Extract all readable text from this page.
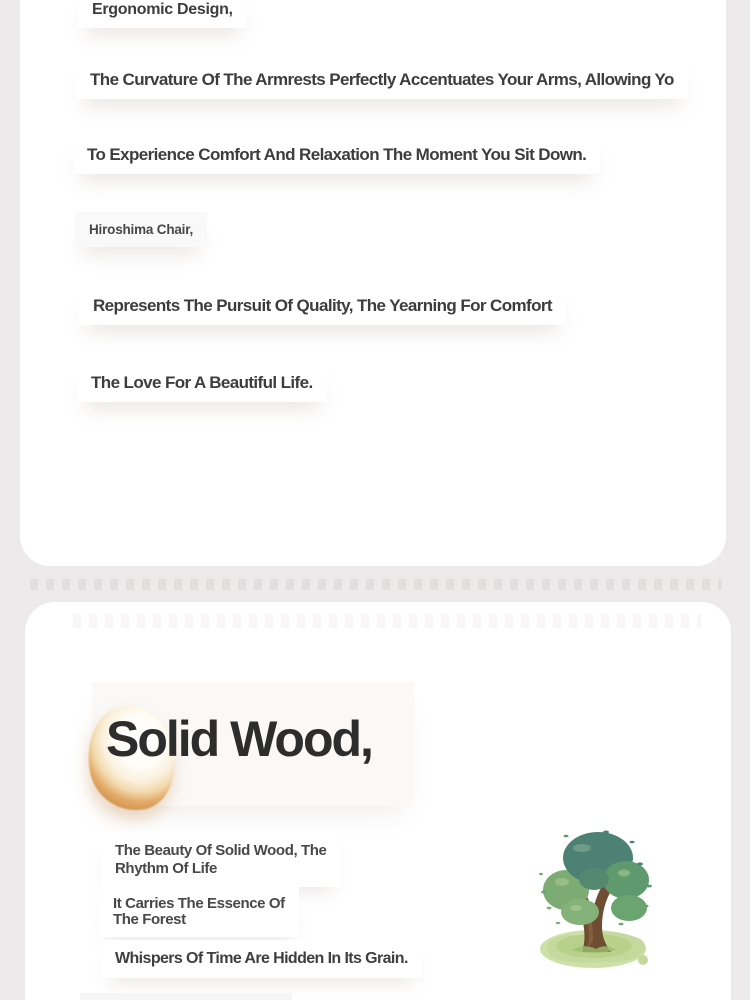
Ergonomic Design,
The Curvature Of The Armrests Perfectly Accentuates Your Arms, Allowing Yo
To Experience Comfort And Relaxation The Moment You Sit Down.
Hiroshima Chair,
Represents The Pursuit Of Quality, The Yearning For Comfort
The Love For A Beautiful Life.
Solid Wood,
The Beauty Of Solid Wood, The
Rhythm Of Life
It Carries The Essence Of
The Forest
Whispers Of Time Are Hidden In Its Grain.
